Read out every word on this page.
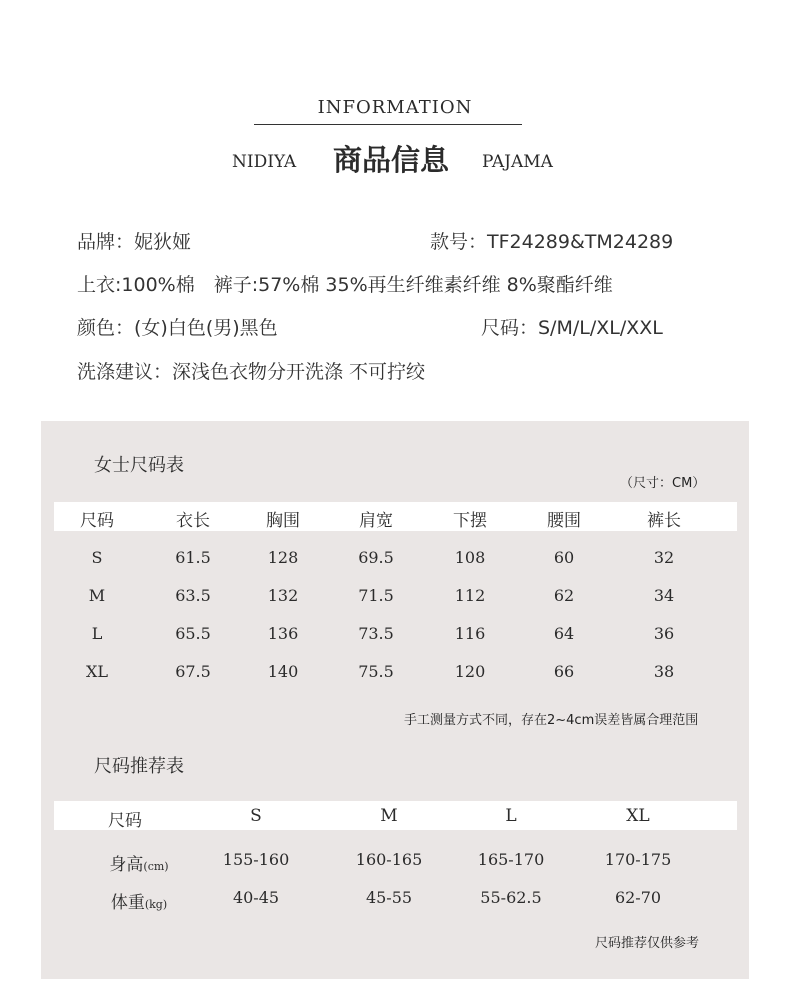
INFORMATION
NIDIYA 商品信息 PAJAMA
品牌：妮狄娅	款号：TF24289&TM24289
上衣:100%棉　裤子:57%棉 35%再生纤维素纤维 8%聚酯纤维
颜色：(女)白色(男)黑色	尺码：S/M/L/XL/XXL
洗涤建议：深浅色衣物分开洗涤 不可拧绞
女士尺码表
（尺寸：CM）
手工测量方式不同，存在2~4cm误差皆属合理范围
尺码推荐表
尺码推荐仅供参考
尺码	衣长	胸围	肩宽	下摆	腰围	裤长
S	61.5	128	69.5	108	60	32
M	63.5	132	71.5	112	62	34
L	65.5	136	73.5	116	64	36
XL	67.5	140	75.5	120	66	38
尺码	S	M	L	XL
身高(cm)	155-160	160-165	165-170	170-175
体重(kg)	40-45	45-55	55-62.5	62-70
